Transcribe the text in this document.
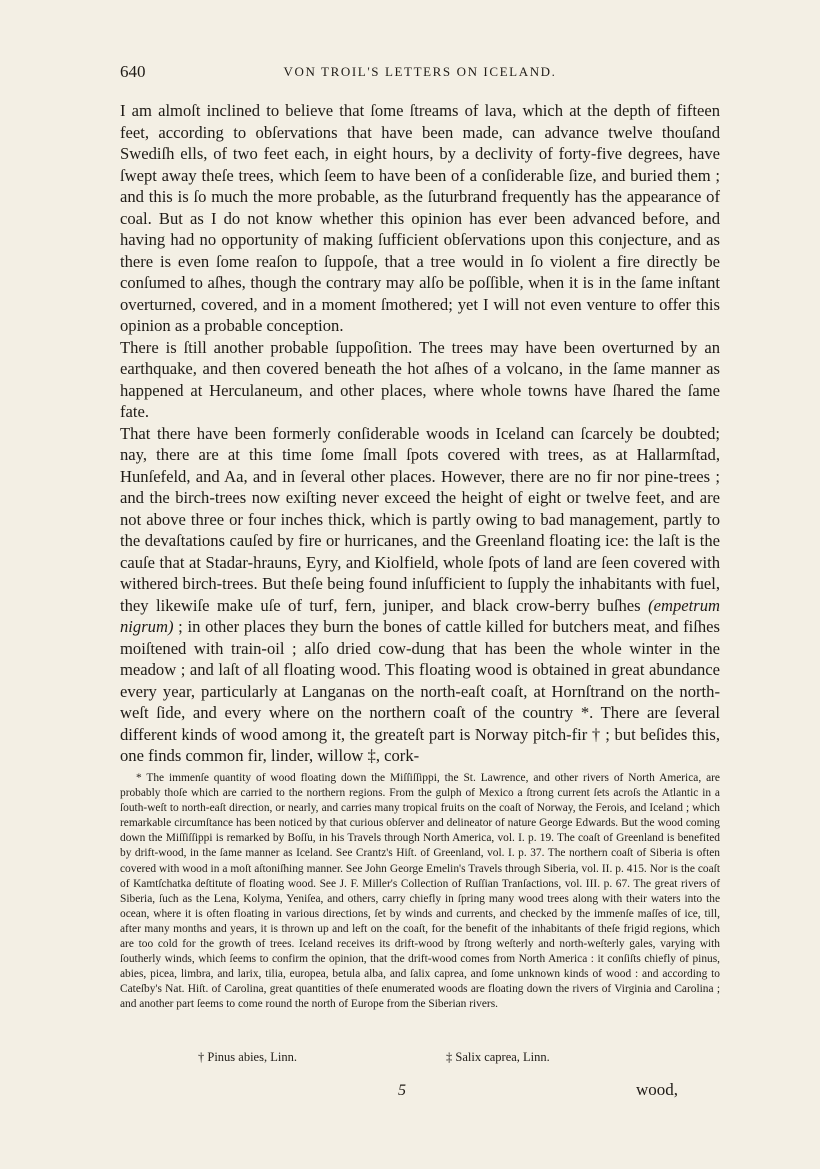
640	VON TROIL'S LETTERS ON ICELAND.

I am almoſt inclined to believe that ſome ſtreams of lava, which at the depth of fifteen feet, according to obſervations that have been made, can advance twelve thouſand Swediſh ells, of two feet each, in eight hours, by a declivity of forty-five degrees, have ſwept away theſe trees, which ſeem to have been of a conſiderable ſize, and buried them ; and this is ſo much the more probable, as the ſuturbrand frequently has the appearance of coal. But as I do not know whether this opinion has ever been advanced before, and having had no opportunity of making ſufficient obſervations upon this conjecture, and as there is even ſome reaſon to ſuppoſe, that a tree would in ſo violent a fire directly be conſumed to aſhes, though the contrary may alſo be poſſible, when it is in the ſame inſtant overturned, covered, and in a moment ſmothered; yet I will not even venture to offer this opinion as a probable conception.

There is ſtill another probable ſuppoſition. The trees may have been overturned by an earthquake, and then covered beneath the hot aſhes of a volcano, in the ſame manner as happened at Herculaneum, and other places, where whole towns have ſhared the ſame fate.

That there have been formerly conſiderable woods in Iceland can ſcarcely be doubted; nay, there are at this time ſome ſmall ſpots covered with trees, as at Hallarmſtad, Hunſefeld, and Aa, and in ſeveral other places. However, there are no fir nor pine-trees ; and the birch-trees now exiſting never exceed the height of eight or twelve feet, and are not above three or four inches thick, which is partly owing to bad management, partly to the devaſtations cauſed by fire or hurricanes, and the Greenland floating ice: the laſt is the cauſe that at Stadar-hrauns, Eyry, and Kiolfield, whole ſpots of land are ſeen covered with withered birch-trees. But theſe being found inſufficient to ſupply the inhabitants with fuel, they likewiſe make uſe of turf, fern, juniper, and black crow-berry buſhes (empetrum nigrum) ; in other places they burn the bones of cattle killed for butchers meat, and fiſhes moiſtened with train-oil ; alſo dried cow-dung that has been the whole winter in the meadow ; and laſt of all floating wood. This floating wood is obtained in great abundance every year, particularly at Langanas on the north-eaſt coaſt, at Hornſtrand on the north-weſt ſide, and every where on the northern coaſt of the country *. There are ſeveral different kinds of wood among it, the greateſt part is Norway pitch-fir † ; but beſides this, one finds common fir, linder, willow ‡, cork-

* The immenſe quantity of wood floating down the Miſſiſſippi, the St. Lawrence, and other rivers of North America, are probably thoſe which are carried to the northern regions. From the gulph of Mexico a ſtrong current ſets acroſs the Atlantic in a ſouth-weſt to north-eaſt direction, or nearly, and carries many tropical fruits on the coaſt of Norway, the Ferois, and Iceland ; which remarkable circumſtance has been noticed by that curious obſerver and delineator of nature George Edwards. But the wood coming down the Miſſiſſippi is remarked by Boſſu, in his Travels through North America, vol. I. p. 19. The coaſt of Greenland is benefited by drift-wood, in the ſame manner as Iceland. See Crantz's Hiſt. of Greenland, vol. I. p. 37. The northern coaſt of Siberia is often covered with wood in a moſt aſtoniſhing manner. See John George Emelin's Travels through Siberia, vol. II. p. 415. Nor is the coaſt of Kamtſchatka deſtitute of floating wood. See J. F. Miller's Collection of Ruſſian Tranſactions, vol. III. p. 67. The great rivers of Siberia, ſuch as the Lena, Kolyma, Yeniſea, and others, carry chiefly in ſpring many wood trees along with their waters into the ocean, where it is often floating in various directions, ſet by winds and currents, and checked by the immenſe maſſes of ice, till, after many months and years, it is thrown up and left on the coaſt, for the benefit of the inhabitants of theſe frigid regions, which are too cold for the growth of trees. Iceland receives its drift-wood by ſtrong weſterly and north-weſterly gales, varying with ſoutherly winds, which ſeems to confirm the opinion, that the drift-wood comes from North America : it conſiſts chiefly of pinus, abies, picea, limbra, and larix, tilia, europea, betula alba, and ſalix caprea, and ſome unknown kinds of wood : and according to Cateſby's Nat. Hiſt. of Carolina, great quantities of theſe enumerated woods are floating down the rivers of Virginia and Carolina ; and another part ſeems to come round the north of Europe from the Siberian rivers.

† Pinus abies, Linn.	‡ Salix caprea, Linn.
5	wood,
